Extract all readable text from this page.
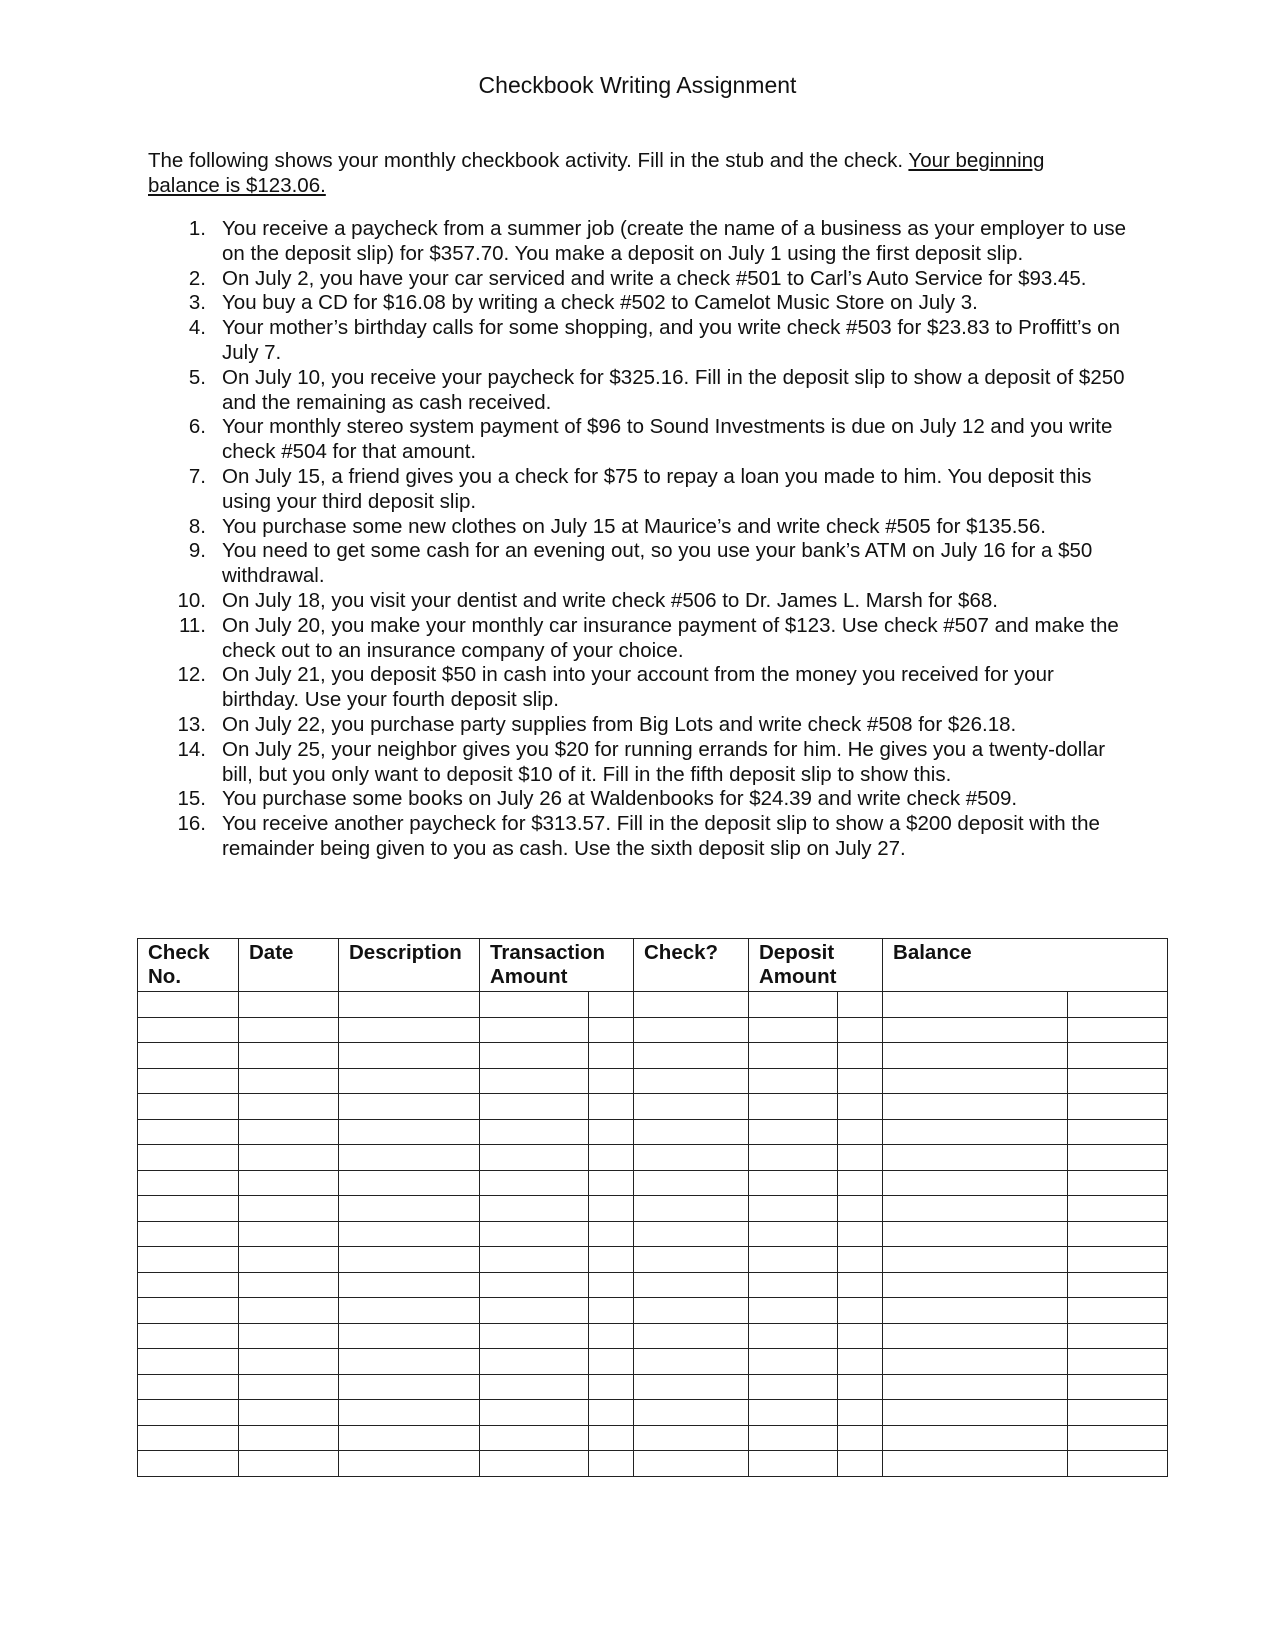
Checkbook Writing Assignment

The following shows your monthly checkbook activity. Fill in the stub and the check. Your beginning balance is $123.06.

1. You receive a paycheck from a summer job (create the name of a business as your employer to use on the deposit slip) for $357.70. You make a deposit on July 1 using the first deposit slip.
2. On July 2, you have your car serviced and write a check #501 to Carl’s Auto Service for $93.45.
3. You buy a CD for $16.08 by writing a check #502 to Camelot Music Store on July 3.
4. Your mother’s birthday calls for some shopping, and you write check #503 for $23.83 to Proffitt’s on July 7.
5. On July 10, you receive your paycheck for $325.16. Fill in the deposit slip to show a deposit of $250 and the remaining as cash received.
6. Your monthly stereo system payment of $96 to Sound Investments is due on July 12 and you write check #504 for that amount.
7. On July 15, a friend gives you a check for $75 to repay a loan you made to him. You deposit this using your third deposit slip.
8. You purchase some new clothes on July 15 at Maurice’s and write check #505 for $135.56.
9. You need to get some cash for an evening out, so you use your bank’s ATM on July 16 for a $50 withdrawal.
10. On July 18, you visit your dentist and write check #506 to Dr. James L. Marsh for $68.
11. On July 20, you make your monthly car insurance payment of $123. Use check #507 and make the check out to an insurance company of your choice.
12. On July 21, you deposit $50 in cash into your account from the money you received for your birthday. Use your fourth deposit slip.
13. On July 22, you purchase party supplies from Big Lots and write check #508 for $26.18.
14. On July 25, your neighbor gives you $20 for running errands for him. He gives you a twenty-dollar bill, but you only want to deposit $10 of it. Fill in the fifth deposit slip to show this.
15. You purchase some books on July 26 at Waldenbooks for $24.39 and write check #509.
16. You receive another paycheck for $313.57. Fill in the deposit slip to show a $200 deposit with the remainder being given to you as cash. Use the sixth deposit slip on July 27.
Check No.	Date	Description	Transaction Amount		Check?	Deposit Amount		Balance	
